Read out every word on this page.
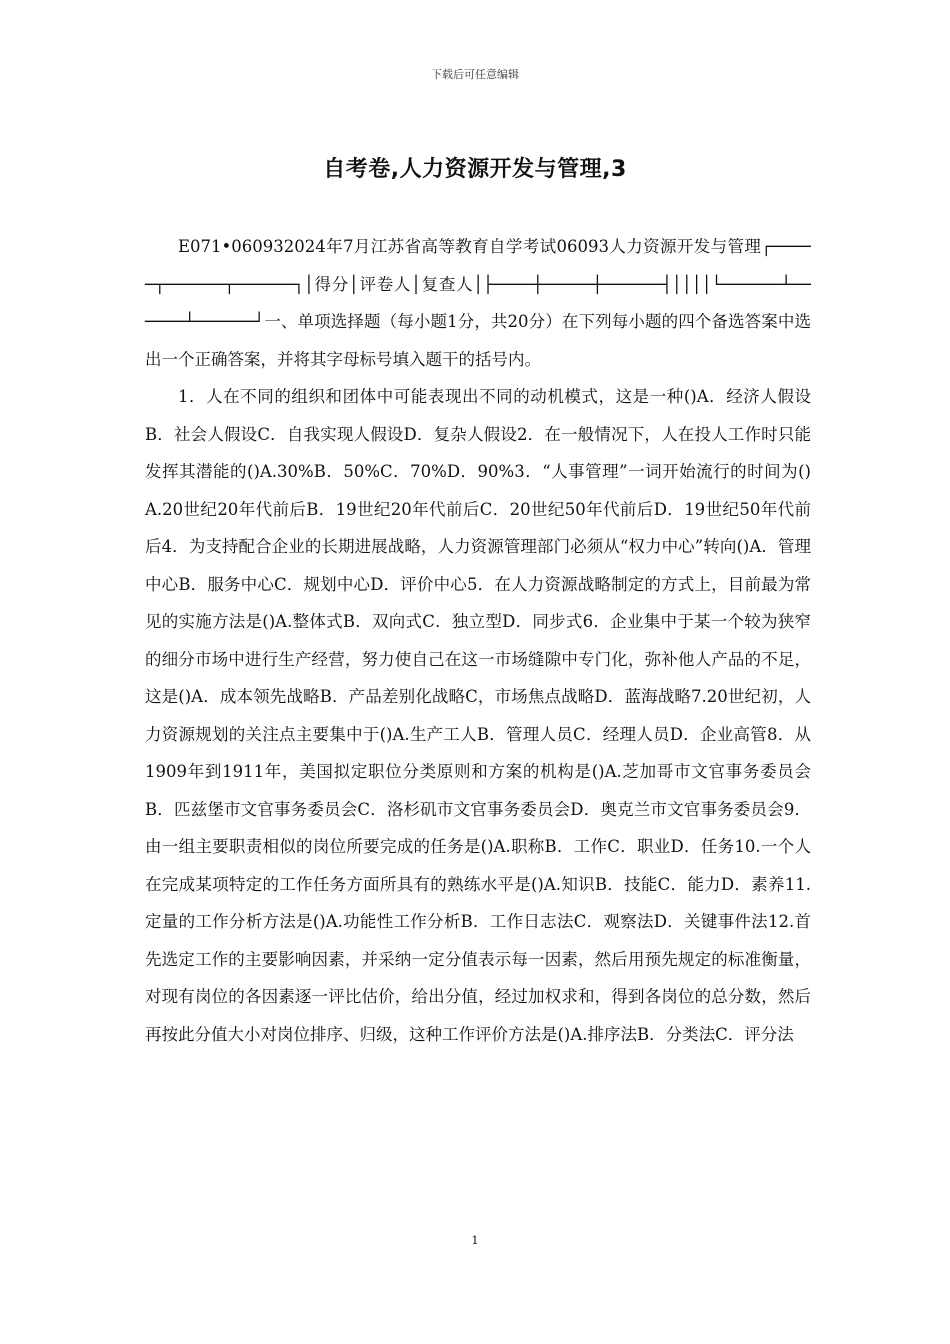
下载后可任意编辑
自考卷,人力资源开发与管理,3

E071•060932024年7月江苏省高等教育自学考试06093人力资源开发与管理┌─────┬──────┬──────┐│得分│评卷人│复查人│├────┼─────┼──────┤││││└──────┴──────┴──────┘一、单项选择题（每小题1分，共20分）在下列每小题的四个备选答案中选出一个正确答案，并将其字母标号填入题干的括号内。

1．人在不同的组织和团体中可能表现出不同的动机模式，这是一种()A．经济人假设B．社会人假设C．自我实现人假设D．复杂人假设2．在一般情况下，人在投人工作时只能发挥其潜能的()A.30%B．50%C．70%D．90%3．“人事管理”一词开始流行的时间为()A.20世纪20年代前后B．19世纪20年代前后C．20世纪50年代前后D．19世纪50年代前后4．为支持配合企业的长期进展战略，人力资源管理部门必须从“权力中心”转向()A．管理中心B．服务中心C．规划中心D．评价中心5．在人力资源战略制定的方式上，目前最为常见的实施方法是()A.整体式B．双向式C．独立型D．同步式6．企业集中于某一个较为狭窄的细分市场中进行生产经营，努力使自己在这一市场缝隙中专门化，弥补他人产品的不足，这是()A．成本领先战略B．产品差别化战略C，市场焦点战略D．蓝海战略7.20世纪初，人力资源规划的关注点主要集中于()A.生产工人B．管理人员C．经理人员D．企业高管8．从1909年到1911年，美国拟定职位分类原则和方案的机构是()A.芝加哥市文官事务委员会B．匹兹堡市文官事务委员会C．洛杉矶市文官事务委员会D．奥克兰市文官事务委员会9．由一组主要职责相似的岗位所要完成的任务是()A.职称B．工作C．职业D．任务10.一个人在完成某项特定的工作任务方面所具有的熟练水平是()A.知识B．技能C．能力D．素养11.定量的工作分析方法是()A.功能性工作分析B．工作日志法C．观察法D．关键事件法12.首先选定工作的主要影响因素，并采纳一定分值表示每一因素，然后用预先规定的标准衡量，对现有岗位的各因素逐一评比估价，给出分值，经过加权求和，得到各岗位的总分数，然后再按此分值大小对岗位排序、归级，这种工作评价方法是()A.排序法B．分类法C．评分法

1
